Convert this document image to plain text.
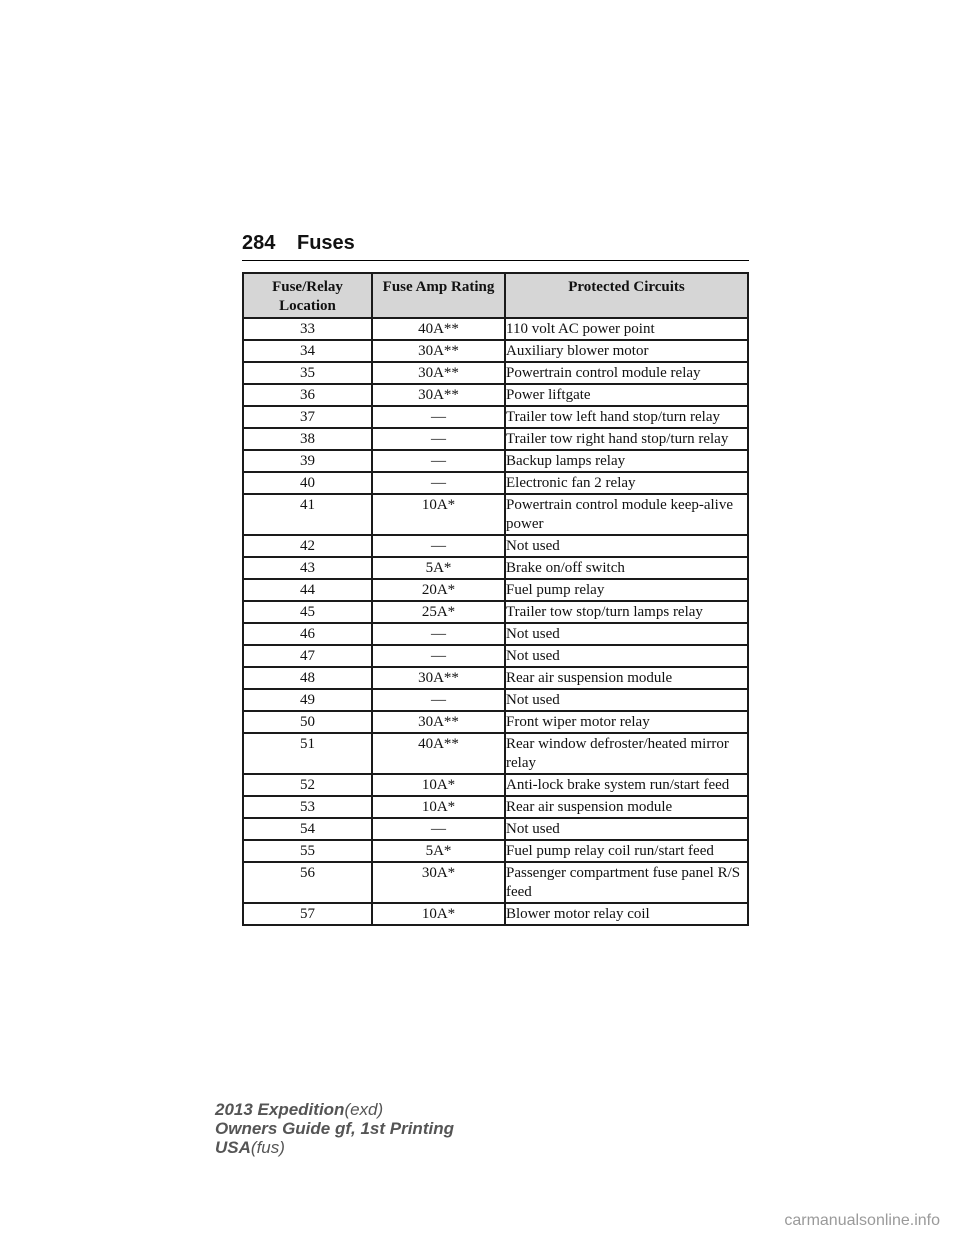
284 Fuses
Fuse/Relay Location	Fuse Amp Rating	Protected Circuits
33	40A**	110 volt AC power point
34	30A**	Auxiliary blower motor
35	30A**	Powertrain control module relay
36	30A**	Power liftgate
37	—	Trailer tow left hand stop/turn relay
38	—	Trailer tow right hand stop/turn relay
39	—	Backup lamps relay
40	—	Electronic fan 2 relay
41	10A*	Powertrain control module keep-alive power
42	—	Not used
43	5A*	Brake on/off switch
44	20A*	Fuel pump relay
45	25A*	Trailer tow stop/turn lamps relay
46	—	Not used
47	—	Not used
48	30A**	Rear air suspension module
49	—	Not used
50	30A**	Front wiper motor relay
51	40A**	Rear window defroster/heated mirror relay
52	10A*	Anti-lock brake system run/start feed
53	10A*	Rear air suspension module
54	—	Not used
55	5A*	Fuel pump relay coil run/start feed
56	30A*	Passenger compartment fuse panel R/S feed
57	10A*	Blower motor relay coil
2013 Expedition(exd)
Owners Guide gf, 1st Printing
USA(fus)
carmanualsonline.info
